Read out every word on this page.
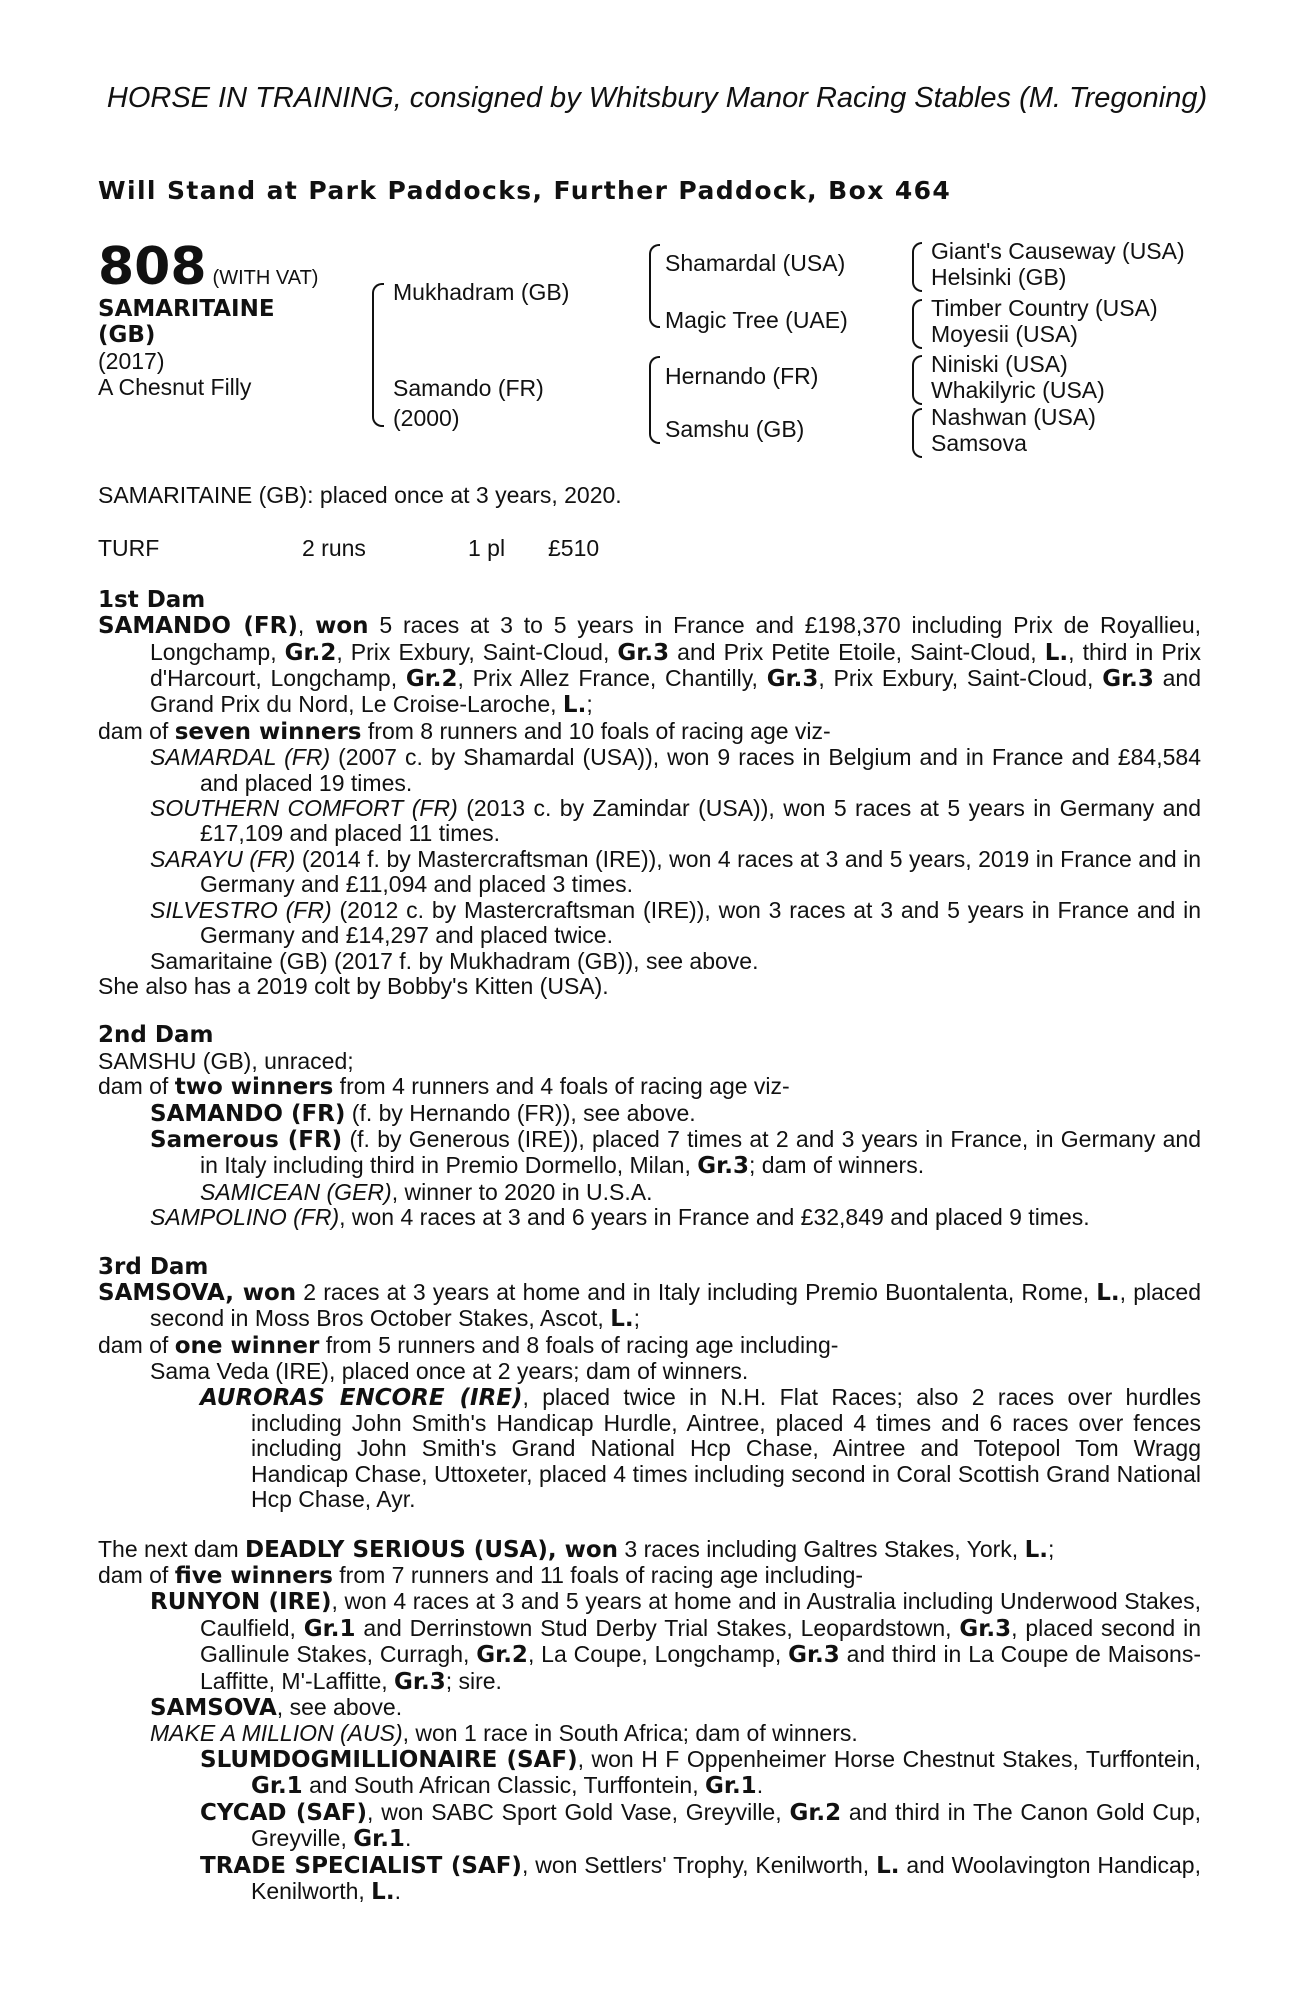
HORSE IN TRAINING, consigned by Whitsbury Manor Racing Stables (M. Tregoning)
Will Stand at Park Paddocks, Further Paddock, Box 464
808 (WITH VAT)
SAMARITAINE
(GB)
(2017)
A Chesnut Filly
Mukhadram (GB)
Samando (FR)
(2000)
Shamardal (USA)
Magic Tree (UAE)
Hernando (FR)
Samshu (GB)
Giant's Causeway (USA)
Helsinki (GB)
Timber Country (USA)
Moyesii (USA)
Niniski (USA)
Whakilyric (USA)
Nashwan (USA)
Samsova

SAMARITAINE (GB): placed once at 3 years, 2020.

TURF	2 runs	1 pl £510

1st Dam

SAMANDO (FR), won 5 races at 3 to 5 years in France and £198,370 including Prix de Royallieu, Longchamp, Gr.2, Prix Exbury, Saint-Cloud, Gr.3 and Prix Petite Etoile, Saint-Cloud, L., third in Prix d'Harcourt, Longchamp, Gr.2, Prix Allez France, Chantilly, Gr.3, Prix Exbury, Saint-Cloud, Gr.3 and Grand Prix du Nord, Le Croise-Laroche, L.;

dam of seven winners from 8 runners and 10 foals of racing age viz-

SAMARDAL (FR) (2007 c. by Shamardal (USA)), won 9 races in Belgium and in France and £84,584 and placed 19 times.

SOUTHERN COMFORT (FR) (2013 c. by Zamindar (USA)), won 5 races at 5 years in Germany and £17,109 and placed 11 times.

SARAYU (FR) (2014 f. by Mastercraftsman (IRE)), won 4 races at 3 and 5 years, 2019 in France and in Germany and £11,094 and placed 3 times.

SILVESTRO (FR) (2012 c. by Mastercraftsman (IRE)), won 3 races at 3 and 5 years in France and in Germany and £14,297 and placed twice.

Samaritaine (GB) (2017 f. by Mukhadram (GB)), see above.

She also has a 2019 colt by Bobby's Kitten (USA).

2nd Dam

SAMSHU (GB), unraced;

dam of two winners from 4 runners and 4 foals of racing age viz-

SAMANDO (FR) (f. by Hernando (FR)), see above.

Samerous (FR) (f. by Generous (IRE)), placed 7 times at 2 and 3 years in France, in Germany and in Italy including third in Premio Dormello, Milan, Gr.3; dam of winners.

SAMICEAN (GER), winner to 2020 in U.S.A.

SAMPOLINO (FR), won 4 races at 3 and 6 years in France and £32,849 and placed 9 times.

3rd Dam

SAMSOVA, won 2 races at 3 years at home and in Italy including Premio Buontalenta, Rome, L., placed second in Moss Bros October Stakes, Ascot, L.;

dam of one winner from 5 runners and 8 foals of racing age including-

Sama Veda (IRE), placed once at 2 years; dam of winners.

AURORAS ENCORE (IRE), placed twice in N.H. Flat Races; also 2 races over hurdles including John Smith's Handicap Hurdle, Aintree, placed 4 times and 6 races over fences including John Smith's Grand National Hcp Chase, Aintree and Totepool Tom Wragg Handicap Chase, Uttoxeter, placed 4 times including second in Coral Scottish Grand National Hcp Chase, Ayr.

The next dam DEADLY SERIOUS (USA), won 3 races including Galtres Stakes, York, L.;

dam of five winners from 7 runners and 11 foals of racing age including-

RUNYON (IRE), won 4 races at 3 and 5 years at home and in Australia including Underwood Stakes, Caulfield, Gr.1 and Derrinstown Stud Derby Trial Stakes, Leopardstown, Gr.3, placed second in Gallinule Stakes, Curragh, Gr.2, La Coupe, Longchamp, Gr.3 and third in La Coupe de Maisons-Laffitte, M'-Laffitte, Gr.3; sire.

SAMSOVA, see above.

MAKE A MILLION (AUS), won 1 race in South Africa; dam of winners.

SLUMDOGMILLIONAIRE (SAF), won H F Oppenheimer Horse Chestnut Stakes, Turffontein, Gr.1 and South African Classic, Turffontein, Gr.1.

CYCAD (SAF), won SABC Sport Gold Vase, Greyville, Gr.2 and third in The Canon Gold Cup, Greyville, Gr.1.

TRADE SPECIALIST (SAF), won Settlers' Trophy, Kenilworth, L. and Woolavington Handicap, Kenilworth, L..
